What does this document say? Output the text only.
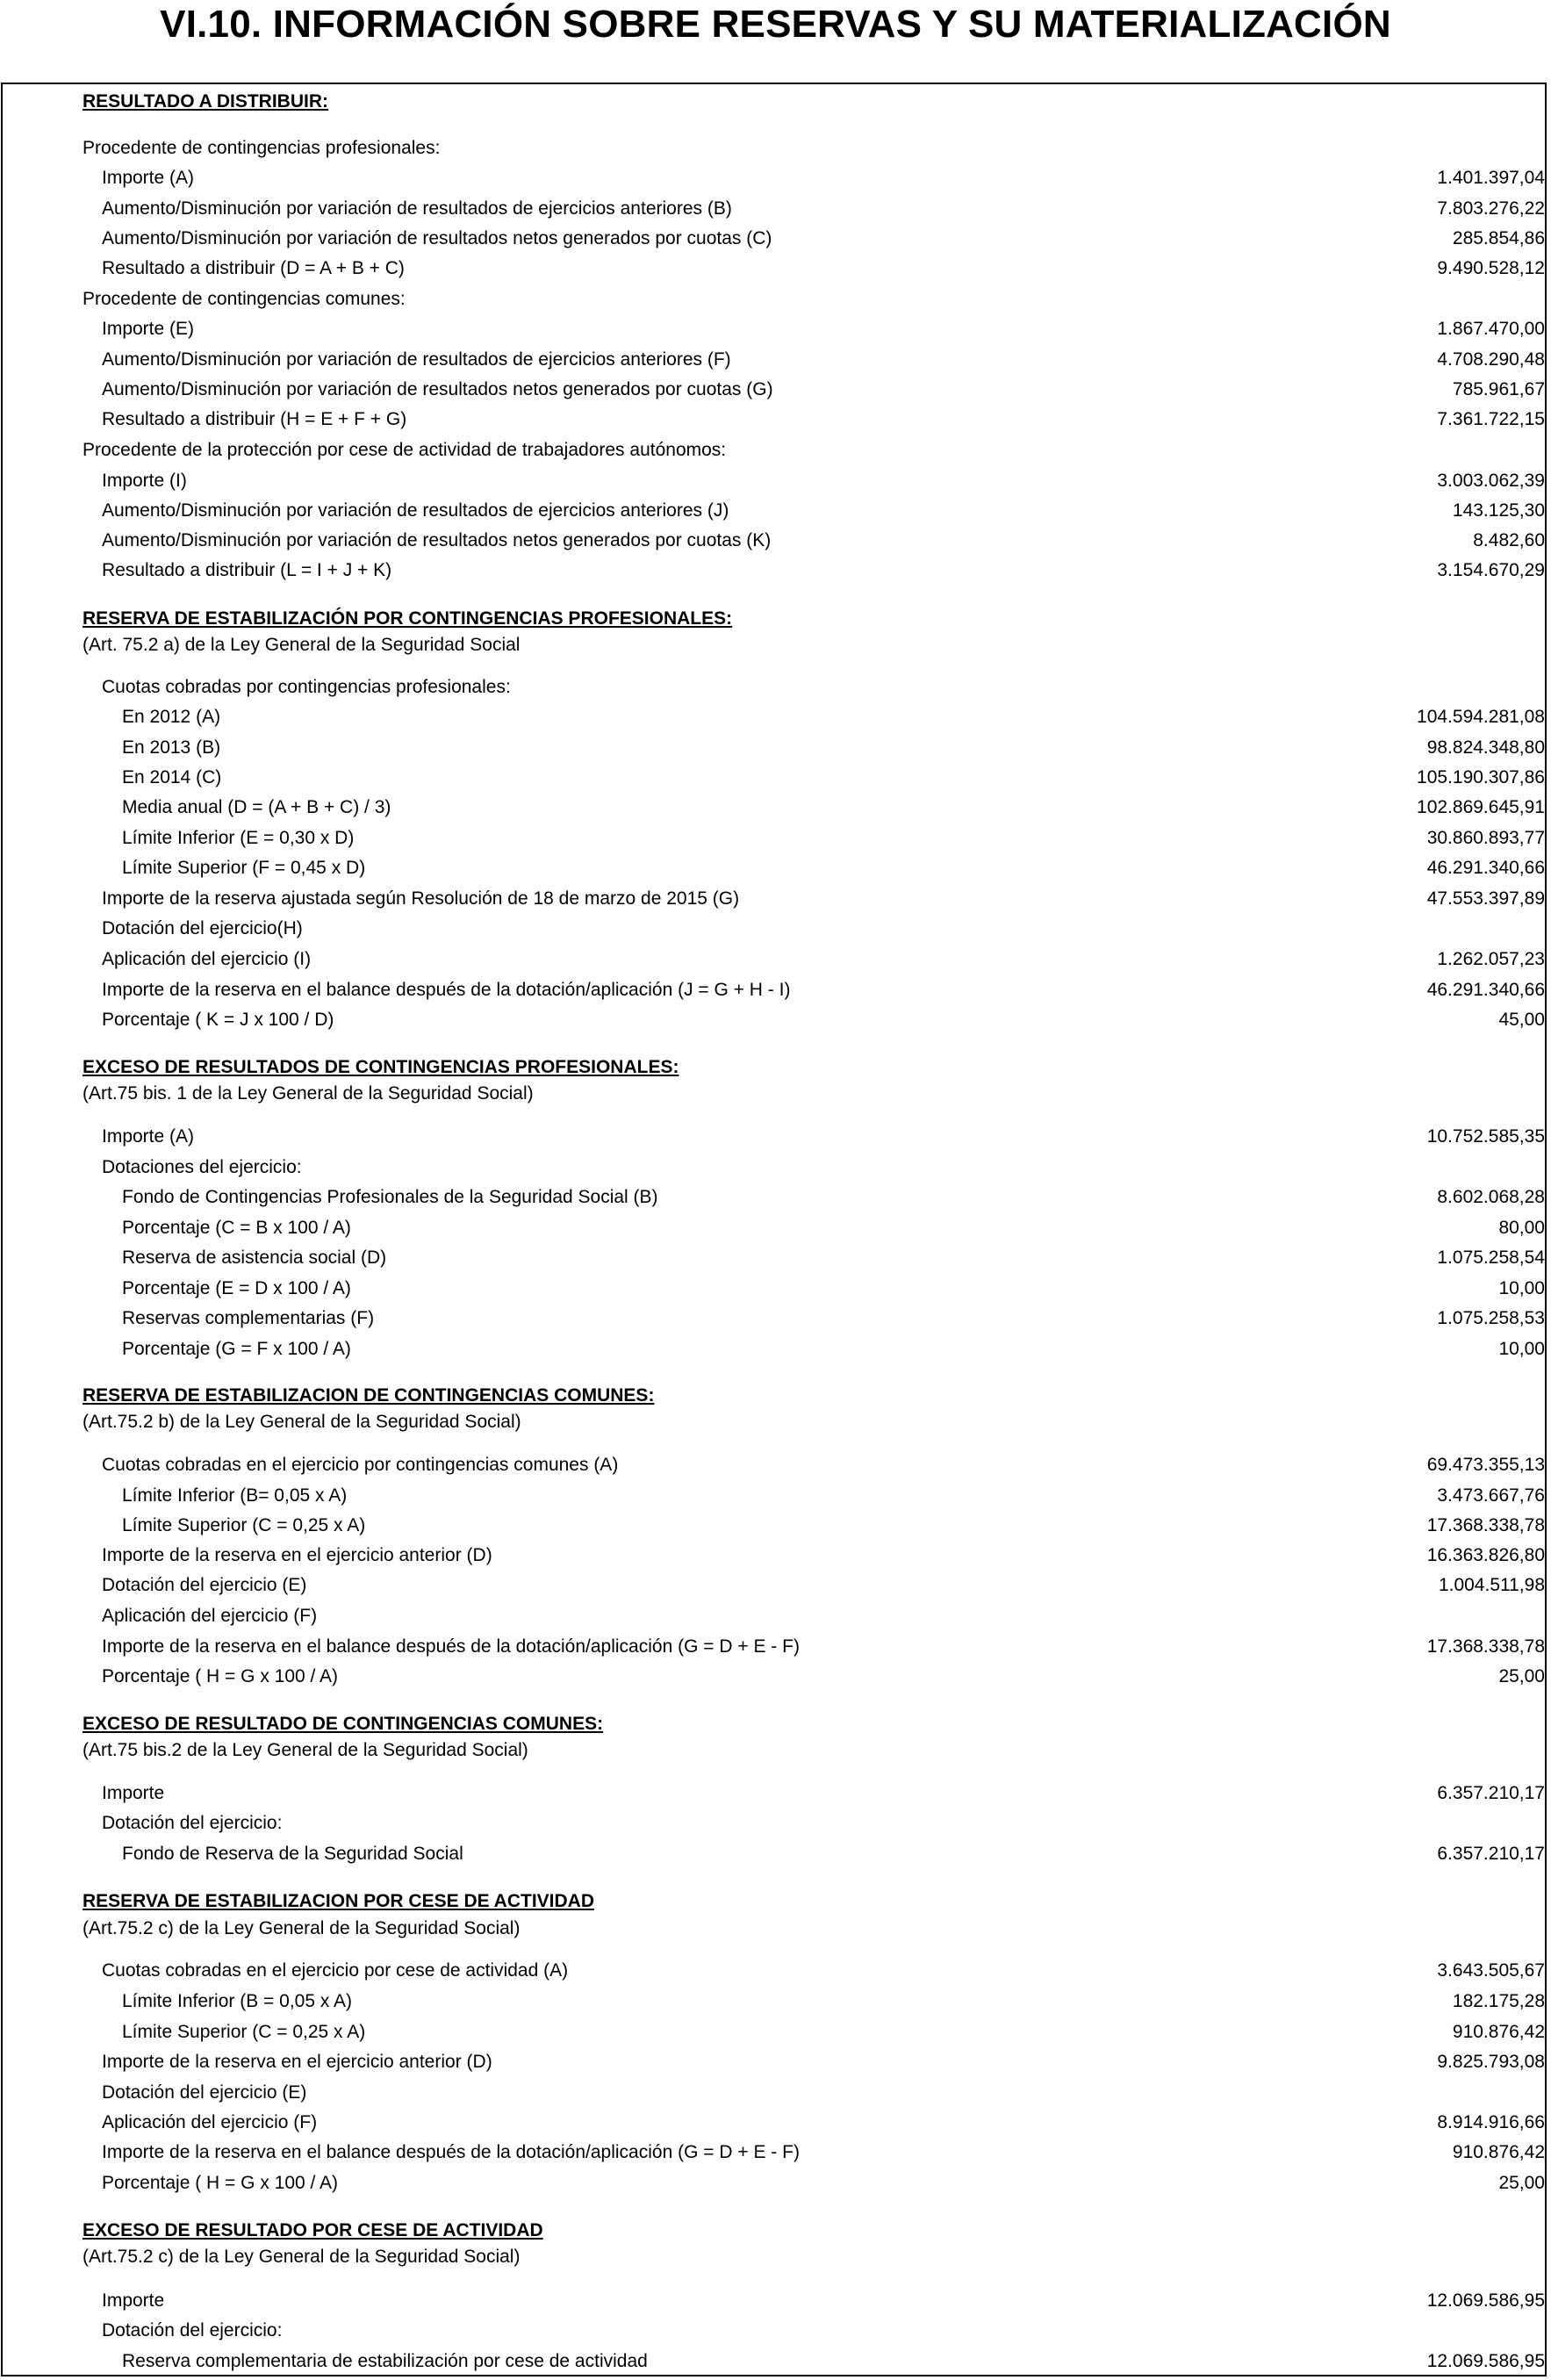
VI.10. INFORMACIÓN SOBRE RESERVAS Y SU MATERIALIZACIÓN
RESULTADO A DISTRIBUIR:
Procedente de contingencias profesionales:
Importe (A)	1.401.397,04
Aumento/Disminución por variación de resultados de ejercicios anteriores (B)	7.803.276,22
Aumento/Disminución por variación de resultados netos generados por cuotas (C)	285.854,86
Resultado a distribuir (D = A + B + C)	9.490.528,12
Procedente de contingencias comunes:
Importe (E)	1.867.470,00
Aumento/Disminución por variación de resultados de ejercicios anteriores (F)	4.708.290,48
Aumento/Disminución por variación de resultados netos generados por cuotas (G)	785.961,67
Resultado a distribuir (H = E + F + G)	7.361.722,15
Procedente de la protección por cese de actividad de trabajadores autónomos:
Importe (I)	3.003.062,39
Aumento/Disminución por variación de resultados de ejercicios anteriores (J)	143.125,30
Aumento/Disminución por variación de resultados netos generados por cuotas (K)	8.482,60
Resultado a distribuir (L = I + J + K)	3.154.670,29
RESERVA DE ESTABILIZACIÓN POR CONTINGENCIAS PROFESIONALES:
(Art. 75.2 a) de la Ley General de la Seguridad Social
Cuotas cobradas por contingencias profesionales:
En 2012 (A)	104.594.281,08
En 2013 (B)	98.824.348,80
En 2014 (C)	105.190.307,86
Media anual (D = (A + B + C) / 3)	102.869.645,91
Límite Inferior (E = 0,30 x D)	30.860.893,77
Límite Superior (F = 0,45 x D)	46.291.340,66
Importe de la reserva ajustada según Resolución de 18 de marzo de 2015 (G)	47.553.397,89
Dotación del ejercicio(H)
Aplicación del ejercicio (I)	1.262.057,23
Importe de la reserva en el balance después de la dotación/aplicación (J = G + H - I)	46.291.340,66
Porcentaje ( K = J x 100 / D)	45,00
EXCESO DE RESULTADOS DE CONTINGENCIAS PROFESIONALES:
(Art.75 bis. 1 de la Ley General de la Seguridad Social)
Importe (A)	10.752.585,35
Dotaciones del ejercicio:
Fondo de Contingencias Profesionales de la Seguridad Social (B)	8.602.068,28
Porcentaje (C = B x 100 / A)	80,00
Reserva de asistencia social (D)	1.075.258,54
Porcentaje (E = D x 100 / A)	10,00
Reservas complementarias (F)	1.075.258,53
Porcentaje (G = F x 100 / A)	10,00
RESERVA DE ESTABILIZACION DE CONTINGENCIAS COMUNES:
(Art.75.2 b) de la Ley General de la Seguridad Social)
Cuotas cobradas en el ejercicio por contingencias comunes (A)	69.473.355,13
Límite Inferior (B= 0,05 x A)	3.473.667,76
Límite Superior (C = 0,25 x A)	17.368.338,78
Importe de la reserva en el ejercicio anterior (D)	16.363.826,80
Dotación del ejercicio (E)	1.004.511,98
Aplicación del ejercicio (F)
Importe de la reserva en el balance después de la dotación/aplicación (G = D + E - F)	17.368.338,78
Porcentaje ( H = G x 100 / A)	25,00
EXCESO DE RESULTADO DE CONTINGENCIAS COMUNES:
(Art.75 bis.2 de la Ley General de la Seguridad Social)
Importe	6.357.210,17
Dotación del ejercicio:
Fondo de Reserva de la Seguridad Social	6.357.210,17
RESERVA DE ESTABILIZACION POR CESE DE ACTIVIDAD
(Art.75.2 c) de la Ley General de la Seguridad Social)
Cuotas cobradas en el ejercicio por cese de actividad (A)	3.643.505,67
Límite Inferior (B = 0,05 x A)	182.175,28
Límite Superior (C = 0,25 x A)	910.876,42
Importe de la reserva en el ejercicio anterior (D)	9.825.793,08
Dotación del ejercicio (E)
Aplicación del ejercicio (F)	8.914.916,66
Importe de la reserva en el balance después de la dotación/aplicación (G = D + E - F)	910.876,42
Porcentaje ( H = G x 100 / A)	25,00
EXCESO DE RESULTADO POR CESE DE ACTIVIDAD
(Art.75.2 c) de la Ley General de la Seguridad Social)
Importe	12.069.586,95
Dotación del ejercicio:
Reserva complementaria de estabilización por cese de actividad	12.069.586,95
